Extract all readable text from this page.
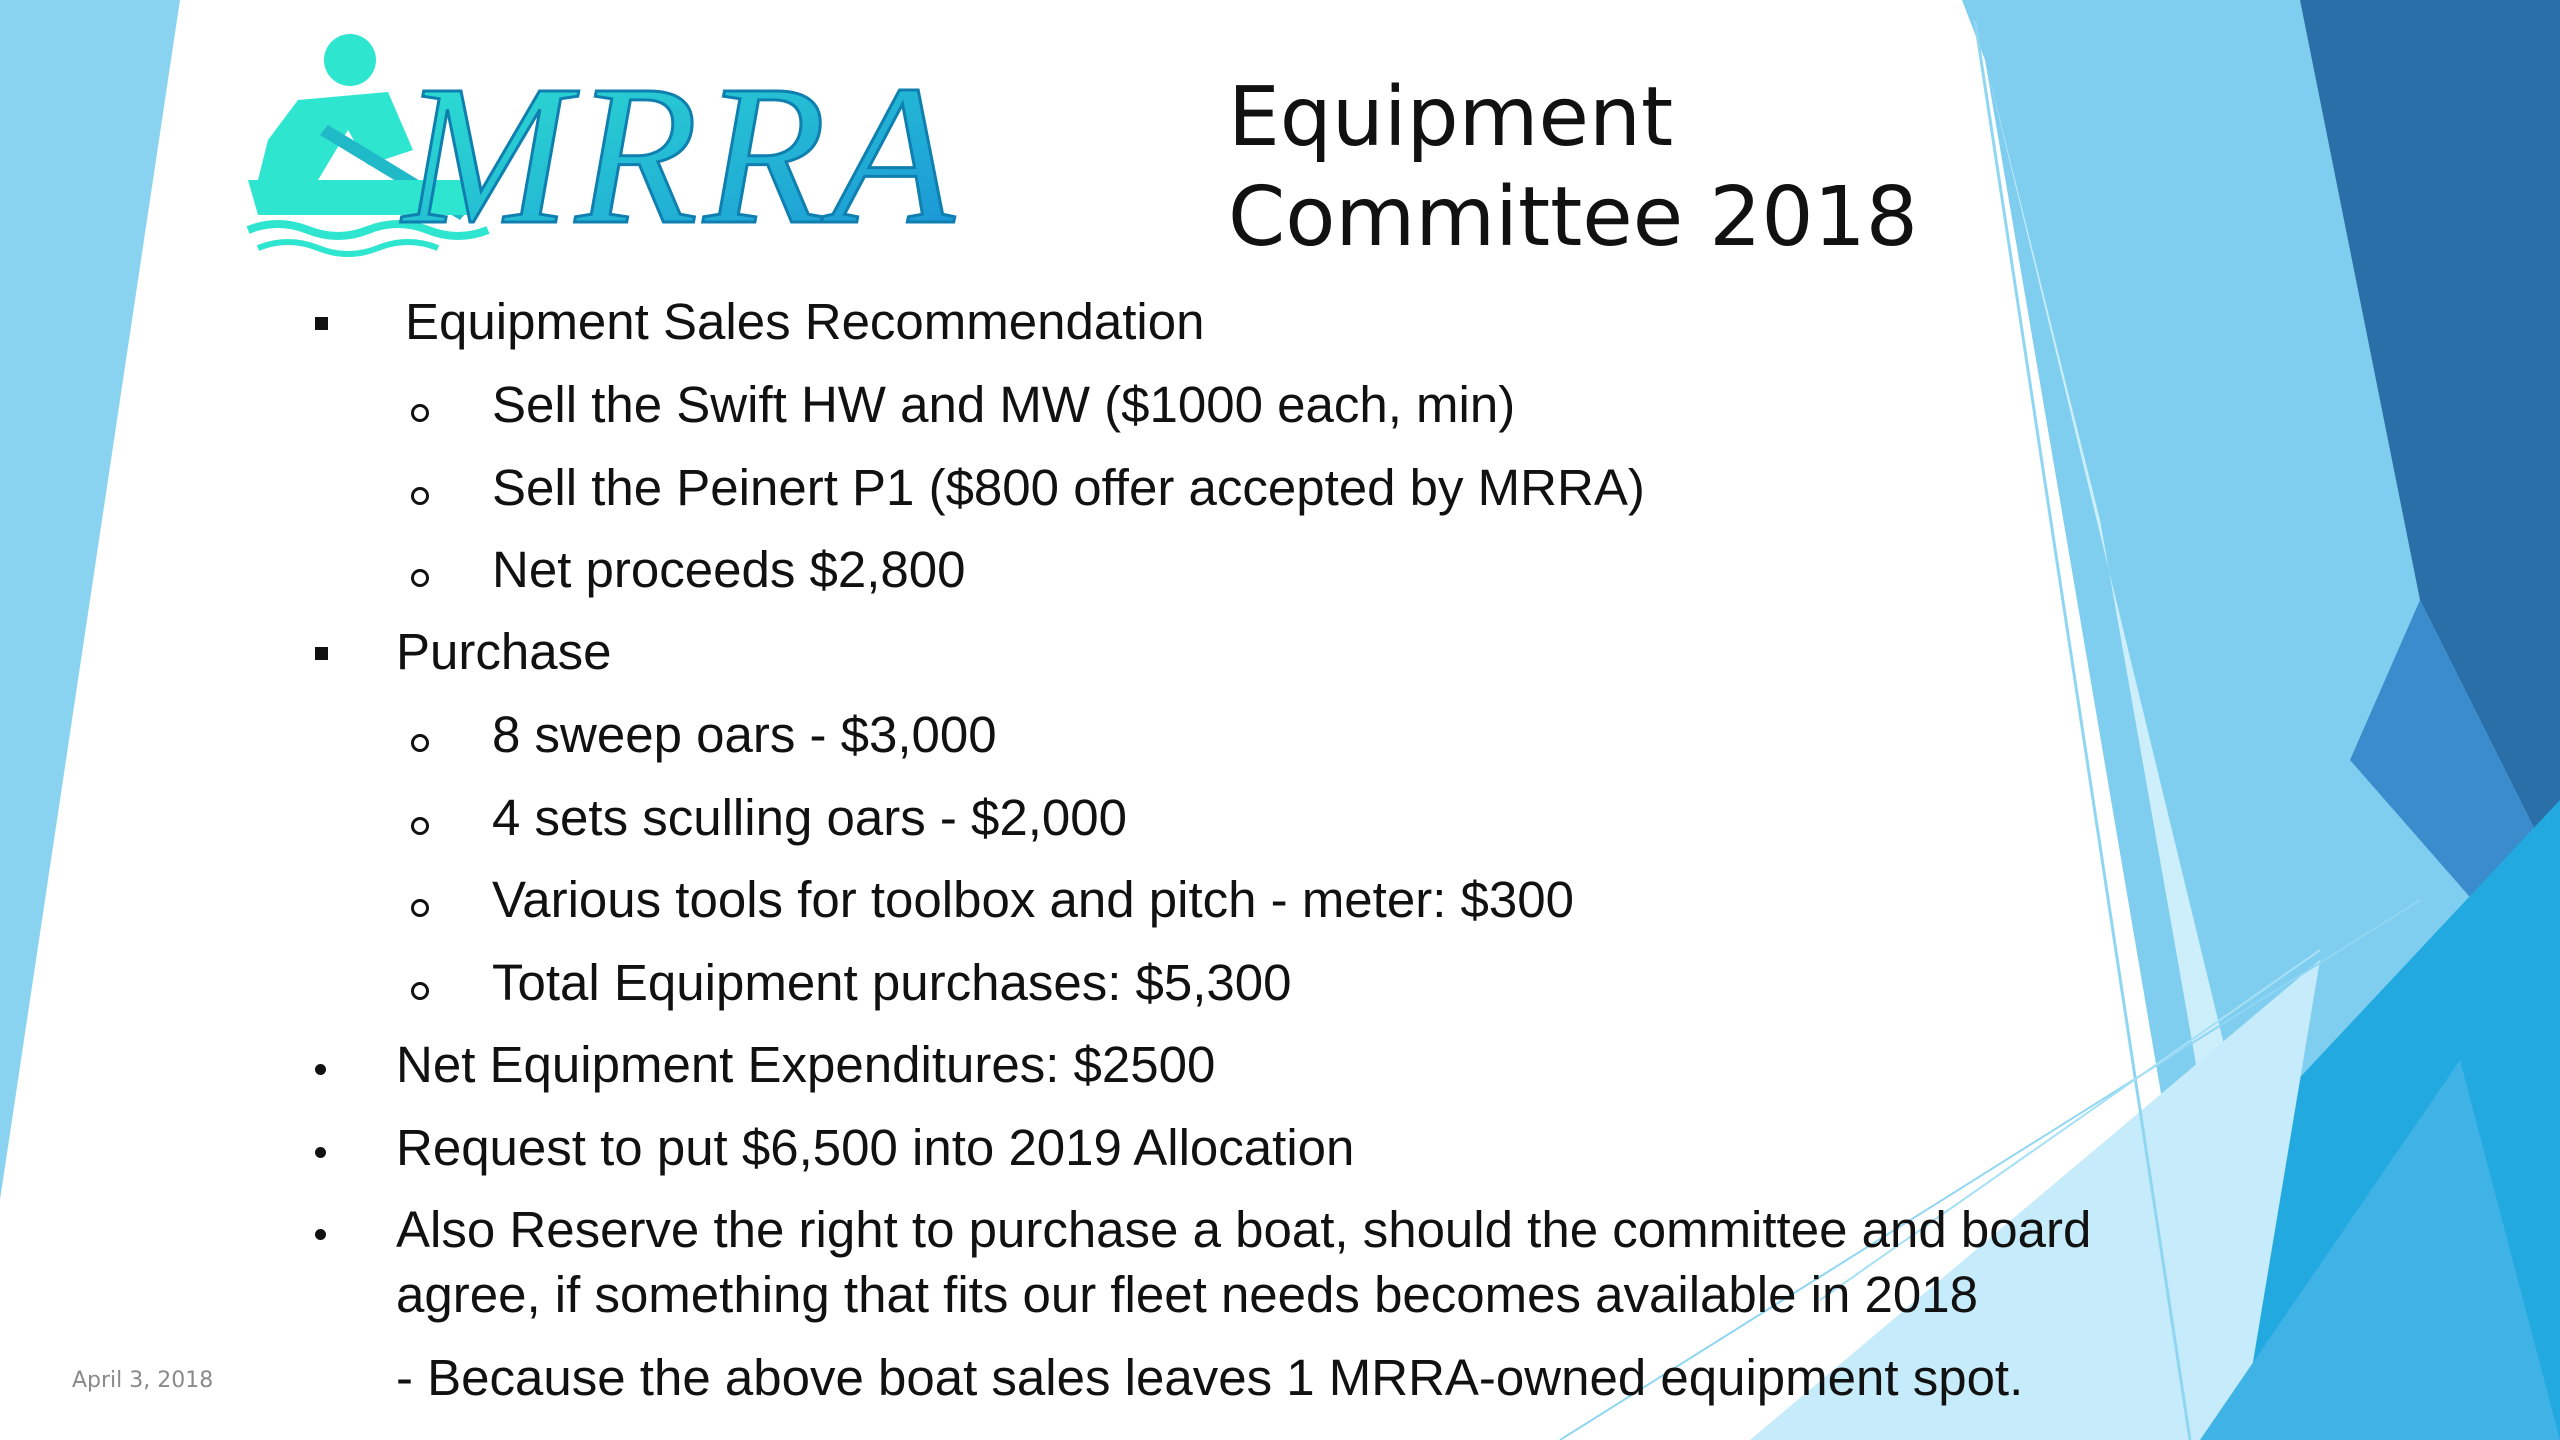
MRRA	Equipment
Committee 2018
Equipment Sales Recommendation
Sell the Swift HW and MW ($1000 each, min)
Sell the Peinert P1 ($800 offer accepted by MRRA)
Net proceeds $2,800
Purchase
8 sweep oars - $3,000
4 sets sculling oars - $2,000
Various tools for toolbox and pitch - meter: $300
Total Equipment purchases: $5,300
Net Equipment Expenditures: $2500
Request to put $6,500 into 2019 Allocation
Also Reserve the right to purchase a boat, should the committee and board
agree, if something that fits our fleet needs becomes available in 2018
- Because the above boat sales leaves 1 MRRA-owned equipment spot.
April 3, 2018
